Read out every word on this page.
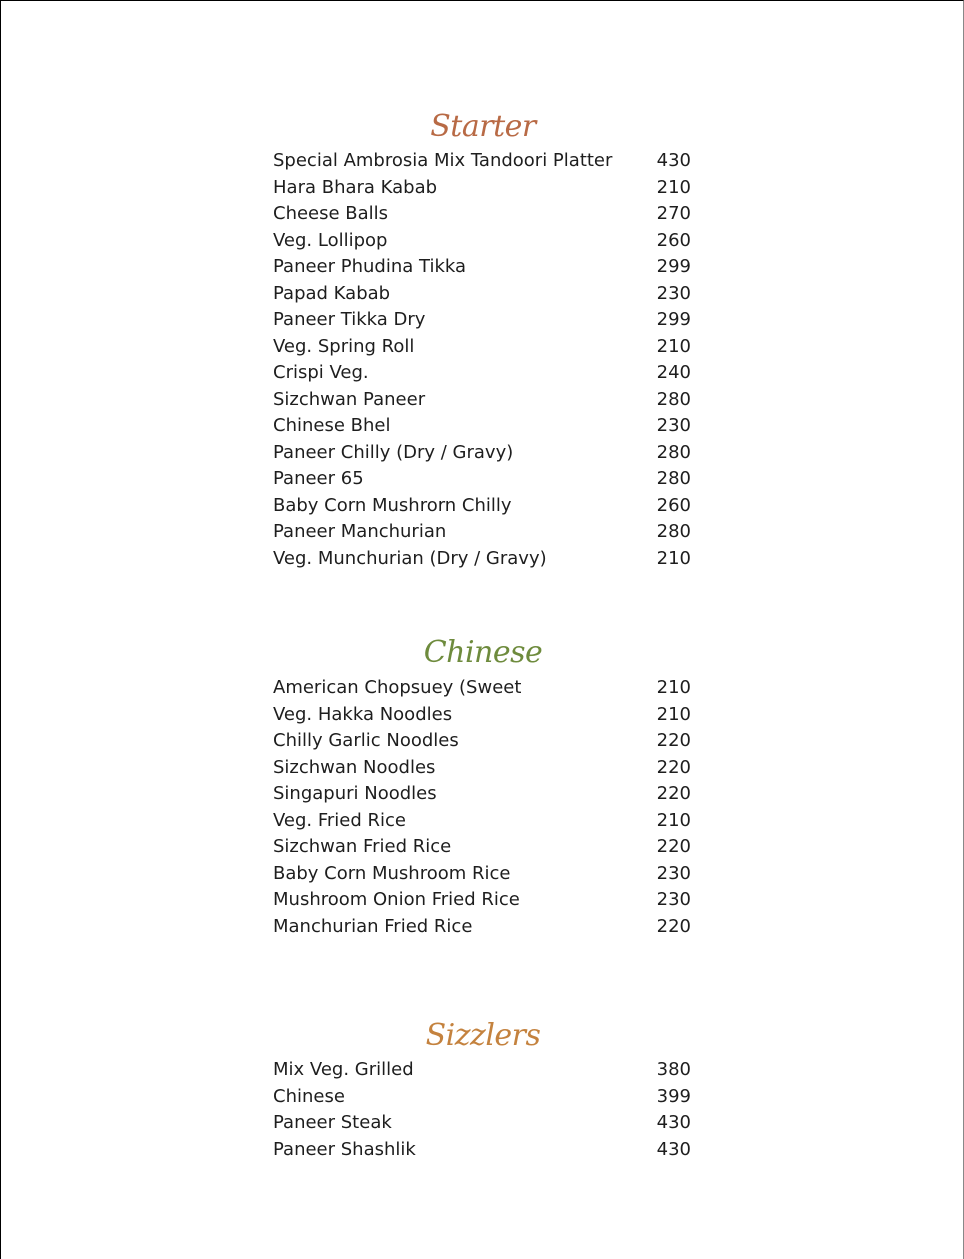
Starter
Special Ambrosia Mix Tandoori Platter 430
Hara Bhara Kabab	210
Cheese Balls	270
Veg. Lollipop	260
Paneer Phudina Tikka	299
Papad Kabab	230
Paneer Tikka Dry	299
Veg. Spring Roll	210
Crispi Veg.	240
Sizchwan Paneer	280
Chinese Bhel	230
Paneer Chilly (Dry / Gravy)	280
Paneer 65	280
Baby Corn Mushrorn Chilly	260
Paneer Manchurian	280
Veg. Munchurian (Dry / Gravy)	210
Chinese
American Chopsuey (Sweet	210
Veg. Hakka Noodles	210
Chilly Garlic Noodles	220
Sizchwan Noodles	220
Singapuri Noodles	220
Veg. Fried Rice	210
Sizchwan Fried Rice	220
Baby Corn Mushroom Rice	230
Mushroom Onion Fried Rice	230
Manchurian Fried Rice	220
Sizzlers
Mix Veg. Grilled	380
Chinese	399
Paneer Steak	430
Paneer Shashlik	430
